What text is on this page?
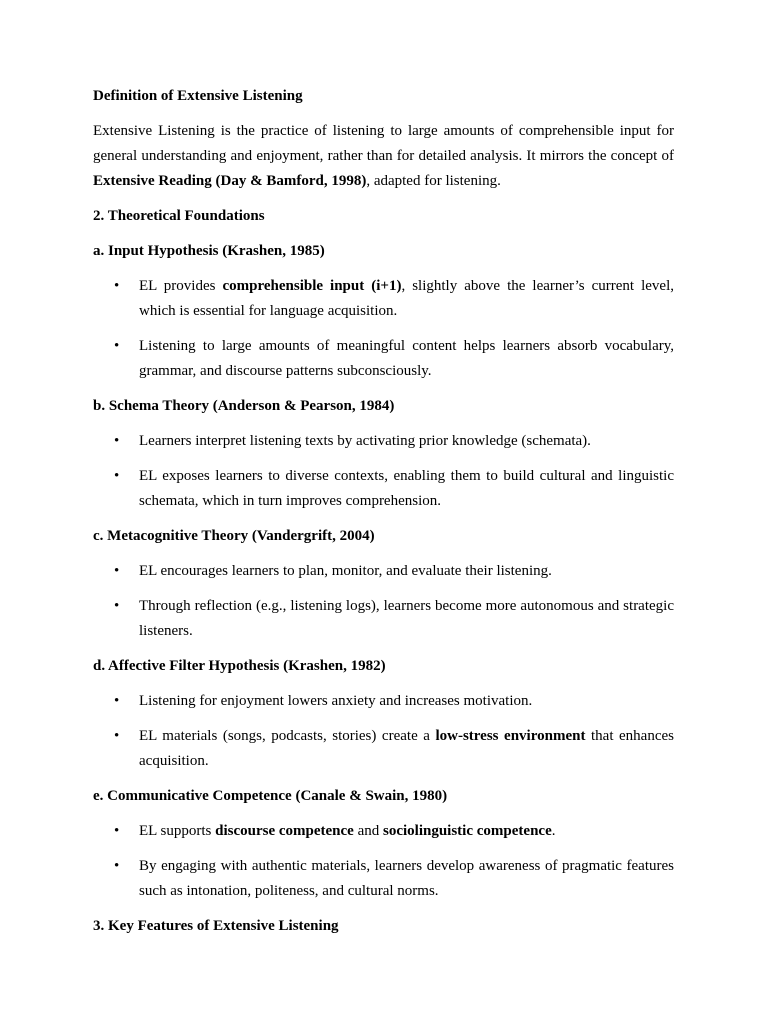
Definition of Extensive Listening
Extensive Listening is the practice of listening to large amounts of comprehensible input for general understanding and enjoyment, rather than for detailed analysis. It mirrors the concept of Extensive Reading (Day & Bamford, 1998), adapted for listening.
2. Theoretical Foundations
a. Input Hypothesis (Krashen, 1985)
• EL provides comprehensible input (i+1), slightly above the learner’s current level, which is essential for language acquisition.
• Listening to large amounts of meaningful content helps learners absorb vocabulary, grammar, and discourse patterns subconsciously.
b. Schema Theory (Anderson & Pearson, 1984)
• Learners interpret listening texts by activating prior knowledge (schemata).
• EL exposes learners to diverse contexts, enabling them to build cultural and linguistic schemata, which in turn improves comprehension.
c. Metacognitive Theory (Vandergrift, 2004)
• EL encourages learners to plan, monitor, and evaluate their listening.
• Through reflection (e.g., listening logs), learners become more autonomous and strategic listeners.
d. Affective Filter Hypothesis (Krashen, 1982)
• Listening for enjoyment lowers anxiety and increases motivation.
• EL materials (songs, podcasts, stories) create a low-stress environment that enhances acquisition.
e. Communicative Competence (Canale & Swain, 1980)
• EL supports discourse competence and sociolinguistic competence.
• By engaging with authentic materials, learners develop awareness of pragmatic features such as intonation, politeness, and cultural norms.
3. Key Features of Extensive Listening
